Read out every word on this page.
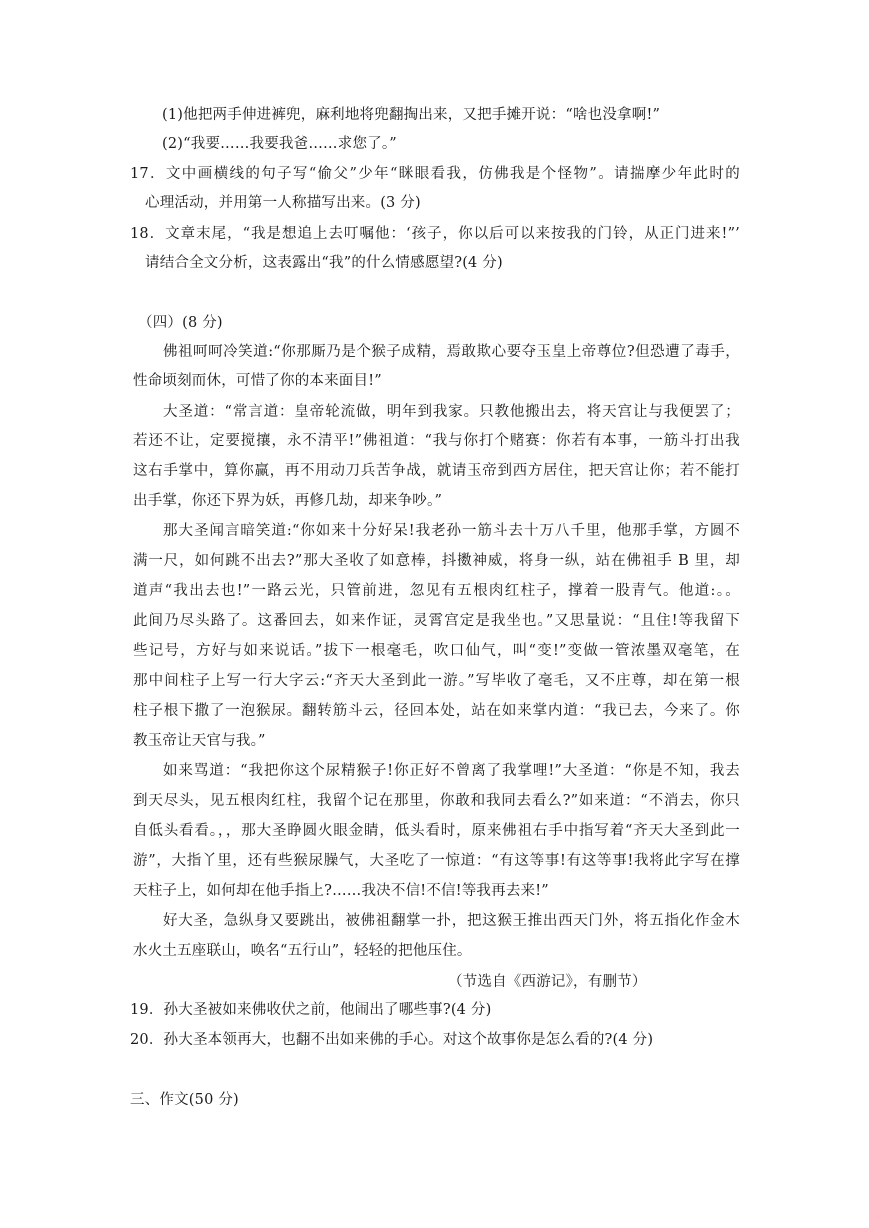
(1)他把两手伸进裤兜，麻利地将兜翻掏出来，又把手摊开说：“啥也没拿啊!”
(2)“我要……我要我爸……求您了。”
17．文中画横线的句子写“偷父”少年“眯眼看我，仿佛我是个怪物”。请揣摩少年此时的
心理活动，并用第一人称描写出来。(3 分)
18．文章末尾，“我是想追上去叮嘱他：‘孩子，你以后可以来按我的门铃，从正门进来!”’
请结合全文分析，这表露出“我”的什么情感愿望?(4 分)
（四）(8 分)
佛祖呵呵冷笑道:“你那厮乃是个猴子成精，焉敢欺心要夺玉皇上帝尊位?但恐遭了毒手，
性命顷刻而休，可惜了你的本来面目!”
大圣道：“常言道：皇帝轮流做，明年到我家。只教他搬出去，将天宫让与我便罢了；
若还不让，定要搅攘，永不清平!”佛祖道：“我与你打个赌赛：你若有本事，一筋斗打出我
这右手掌中，算你赢，再不用动刀兵苦争战，就请玉帝到西方居住，把天宫让你；若不能打
出手掌，你还下界为妖，再修几劫，却来争吵。”
那大圣闻言暗笑道:“你如来十分好呆!我老孙一筋斗去十万八千里，他那手掌，方圆不
满一尺，如何跳不出去?”那大圣收了如意棒，抖擞神威，将身一纵，站在佛祖手 B 里，却
道声“我出去也!”一路云光，只管前进，忽见有五根肉红柱子，撑着一股青气。他道:。。
此间乃尽头路了。这番回去，如来作证，灵霄宫定是我坐也。”又思量说：“且住!等我留下
些记号，方好与如来说话。”拔下一根毫毛，吹口仙气，叫“变!”变做一管浓墨双毫笔，在
那中间柱子上写一行大字云:“齐天大圣到此一游。”写毕收了毫毛，又不庄尊，却在第一根
柱子根下撒了一泡猴尿。翻转筋斗云，径回本处，站在如来掌内道：“我已去，今来了。你
教玉帝让天官与我。”
如来骂道：“我把你这个尿精猴子!你正好不曾离了我掌哩!”大圣道：“你是不知，我去
到天尽头，见五根肉红柱，我留个记在那里，你敢和我同去看么?”如来道：“不消去，你只
自低头看看。，，那大圣睁圆火眼金睛，低头看时，原来佛祖右手中指写着“齐天大圣到此一
游”，大指丫里，还有些猴尿臊气，大圣吃了一惊道：“有这等事!有这等事!我将此字写在撑
天柱子上，如何却在他手指上?……我决不信!不信!等我再去来!”
好大圣，急纵身又要跳出，被佛祖翻掌一扑，把这猴王推出西天门外，将五指化作金木
水火土五座联山，唤名“五行山”，轻轻的把他压住。
（节选自《西游记》，有删节）
19．孙大圣被如来佛收伏之前，他闹出了哪些事?(4 分)
20．孙大圣本领再大，也翻不出如来佛的手心。对这个故事你是怎么看的?(4 分)
三、作文(50 分)
